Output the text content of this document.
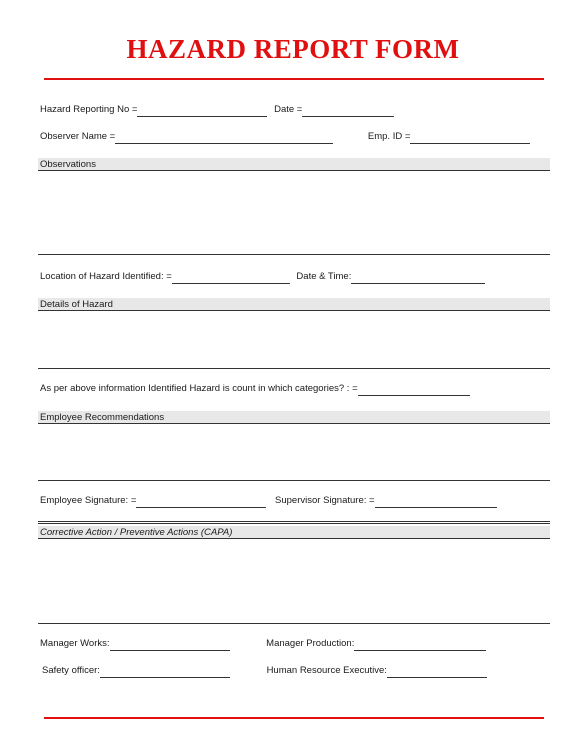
HAZARD REPORT FORM
Hazard Reporting No =	Date =
Observer Name =	Emp. ID =
Observations
Location of Hazard Identified: =	Date & Time:
Details of Hazard
As per above information Identified Hazard is count in which categories? : =
Employee Recommendations
Employee Signature: =	Supervisor Signature: =
Corrective Action / Preventive Actions (CAPA)
Manager Works:	Manager Production:
Safety officer:	Human Resource Executive:
